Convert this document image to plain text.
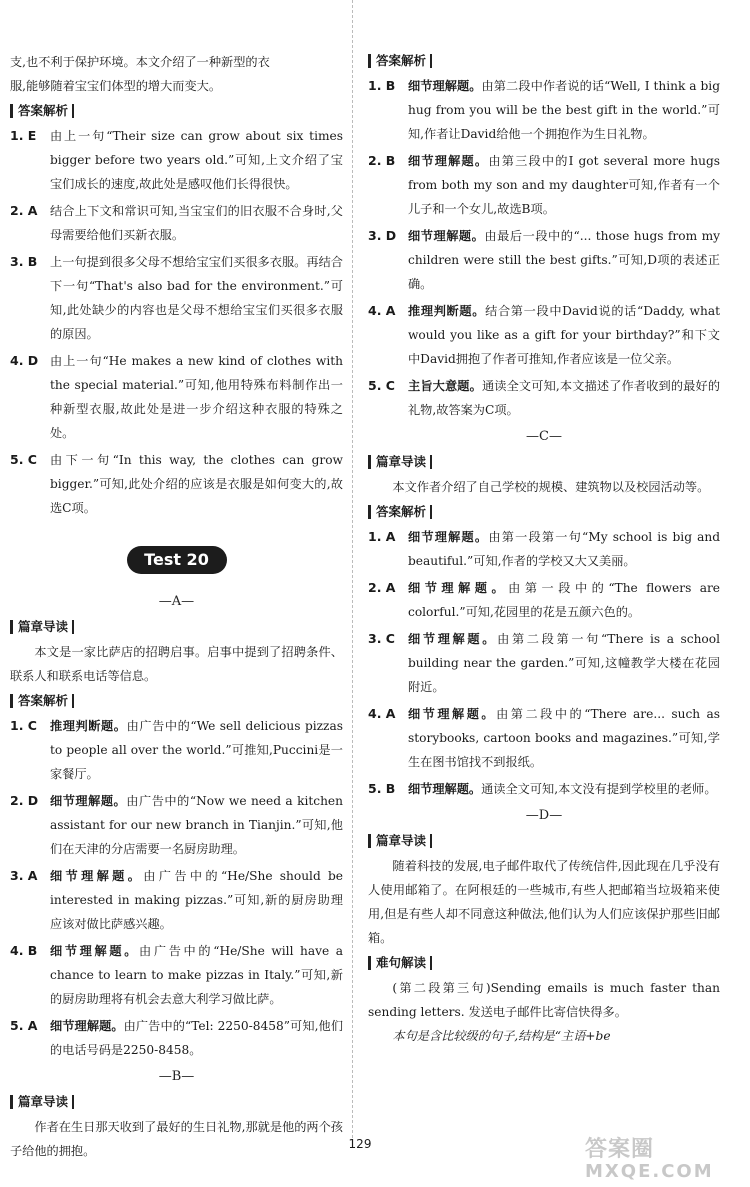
支,也不利于保护环境。本文介绍了一种新型的衣

服,能够随着宝宝们体型的增大而变大。

答案解析
1. E	由上一句“Their size can grow about six times bigger before two years old.”可知,上文介绍了宝宝们成长的速度,故此处是感叹他们长得很快。

2. A	结合上下文和常识可知,当宝宝们的旧衣服不合身时,父母需要给他们买新衣服。

3. B	上一句提到很多父母不想给宝宝们买很多衣服。再结合下一句“That's also bad for the environment.”可知,此处缺少的内容也是父母不想给宝宝们买很多衣服的原因。

4. D 由上一句“He makes a new kind of clothes with the special material.”可知,他用特殊布料制作出一种新型衣服,故此处是进一步介绍这种衣服的特殊之处。

5. C	由下一句“In this way, the clothes can grow bigger.”可知,此处介绍的应该是衣服是如何变大的,故选C项。

Test 20
—A—
篇章导读

本文是一家比萨店的招聘启事。启事中提到了招聘条件、联系人和联系电话等信息。

答案解析
1. C	推理判断题。由广告中的“We sell delicious pizzas to people all over the world.”可推知,Puccini是一家餐厅。

2. D 细节理解题。由广告中的“Now we need a kitchen assistant for our new branch in Tianjin.”可知,他们在天津的分店需要一名厨房助理。

3. A	细节理解题。由广告中的“He/She should be interested in making pizzas.”可知,新的厨房助理应该对做比萨感兴趣。

4. B	细节理解题。由广告中的“He/She will have a chance to learn to make pizzas in Italy.”可知,新的厨房助理将有机会去意大利学习做比萨。

5. A	细节理解题。由广告中的“Tel: 2250-8458”可知,他们的电话号码是2250-8458。

—B—
篇章导读

作者在生日那天收到了最好的生日礼物,那就是他的两个孩子给他的拥抱。

答案解析
1. B	细节理解题。由第二段中作者说的话“Well, I think a big hug from you will be the best gift in the world.”可知,作者让David给他一个拥抱作为生日礼物。

2. B	细节理解题。由第三段中的I got several more hugs from both my son and my daughter可知,作者有一个儿子和一个女儿,故选B项。

3. D 细节理解题。由最后一段中的“... those hugs from my children were still the best gifts.”可知,D项的表述正确。

4. A	推理判断题。结合第一段中David说的话“Daddy, what would you like as a gift for your birthday?”和下文中David拥抱了作者可推知,作者应该是一位父亲。

5. C	主旨大意题。通读全文可知,本文描述了作者收到的最好的礼物,故答案为C项。

—C—
篇章导读

本文作者介绍了自己学校的规模、建筑物以及校园活动等。

答案解析
1. A	细节理解题。由第一段第一句“My school is big and beautiful.”可知,作者的学校又大又美丽。

2. A	细节理解题。由第一段中的“The flowers are colorful.”可知,花园里的花是五颜六色的。

3. C	细节理解题。由第二段第一句“There is a school building near the garden.”可知,这幢教学大楼在花园附近。

4. A	细节理解题。由第二段中的“There are... such as storybooks, cartoon books and magazines.”可知,学生在图书馆找不到报纸。

5. B	细节理解题。通读全文可知,本文没有提到学校里的老师。

—D—
篇章导读

随着科技的发展,电子邮件取代了传统信件,因此现在几乎没有人使用邮箱了。在阿根廷的一些城市,有些人把邮箱当垃圾箱来使用,但是有些人却不同意这种做法,他们认为人们应该保护那些旧邮箱。

难句解读

(第二段第三句)Sending emails is much faster than sending letters. 发送电子邮件比寄信快得多。

本句是含比较级的句子,结构是“主语+be

129	答案圈
MXQE.COM
